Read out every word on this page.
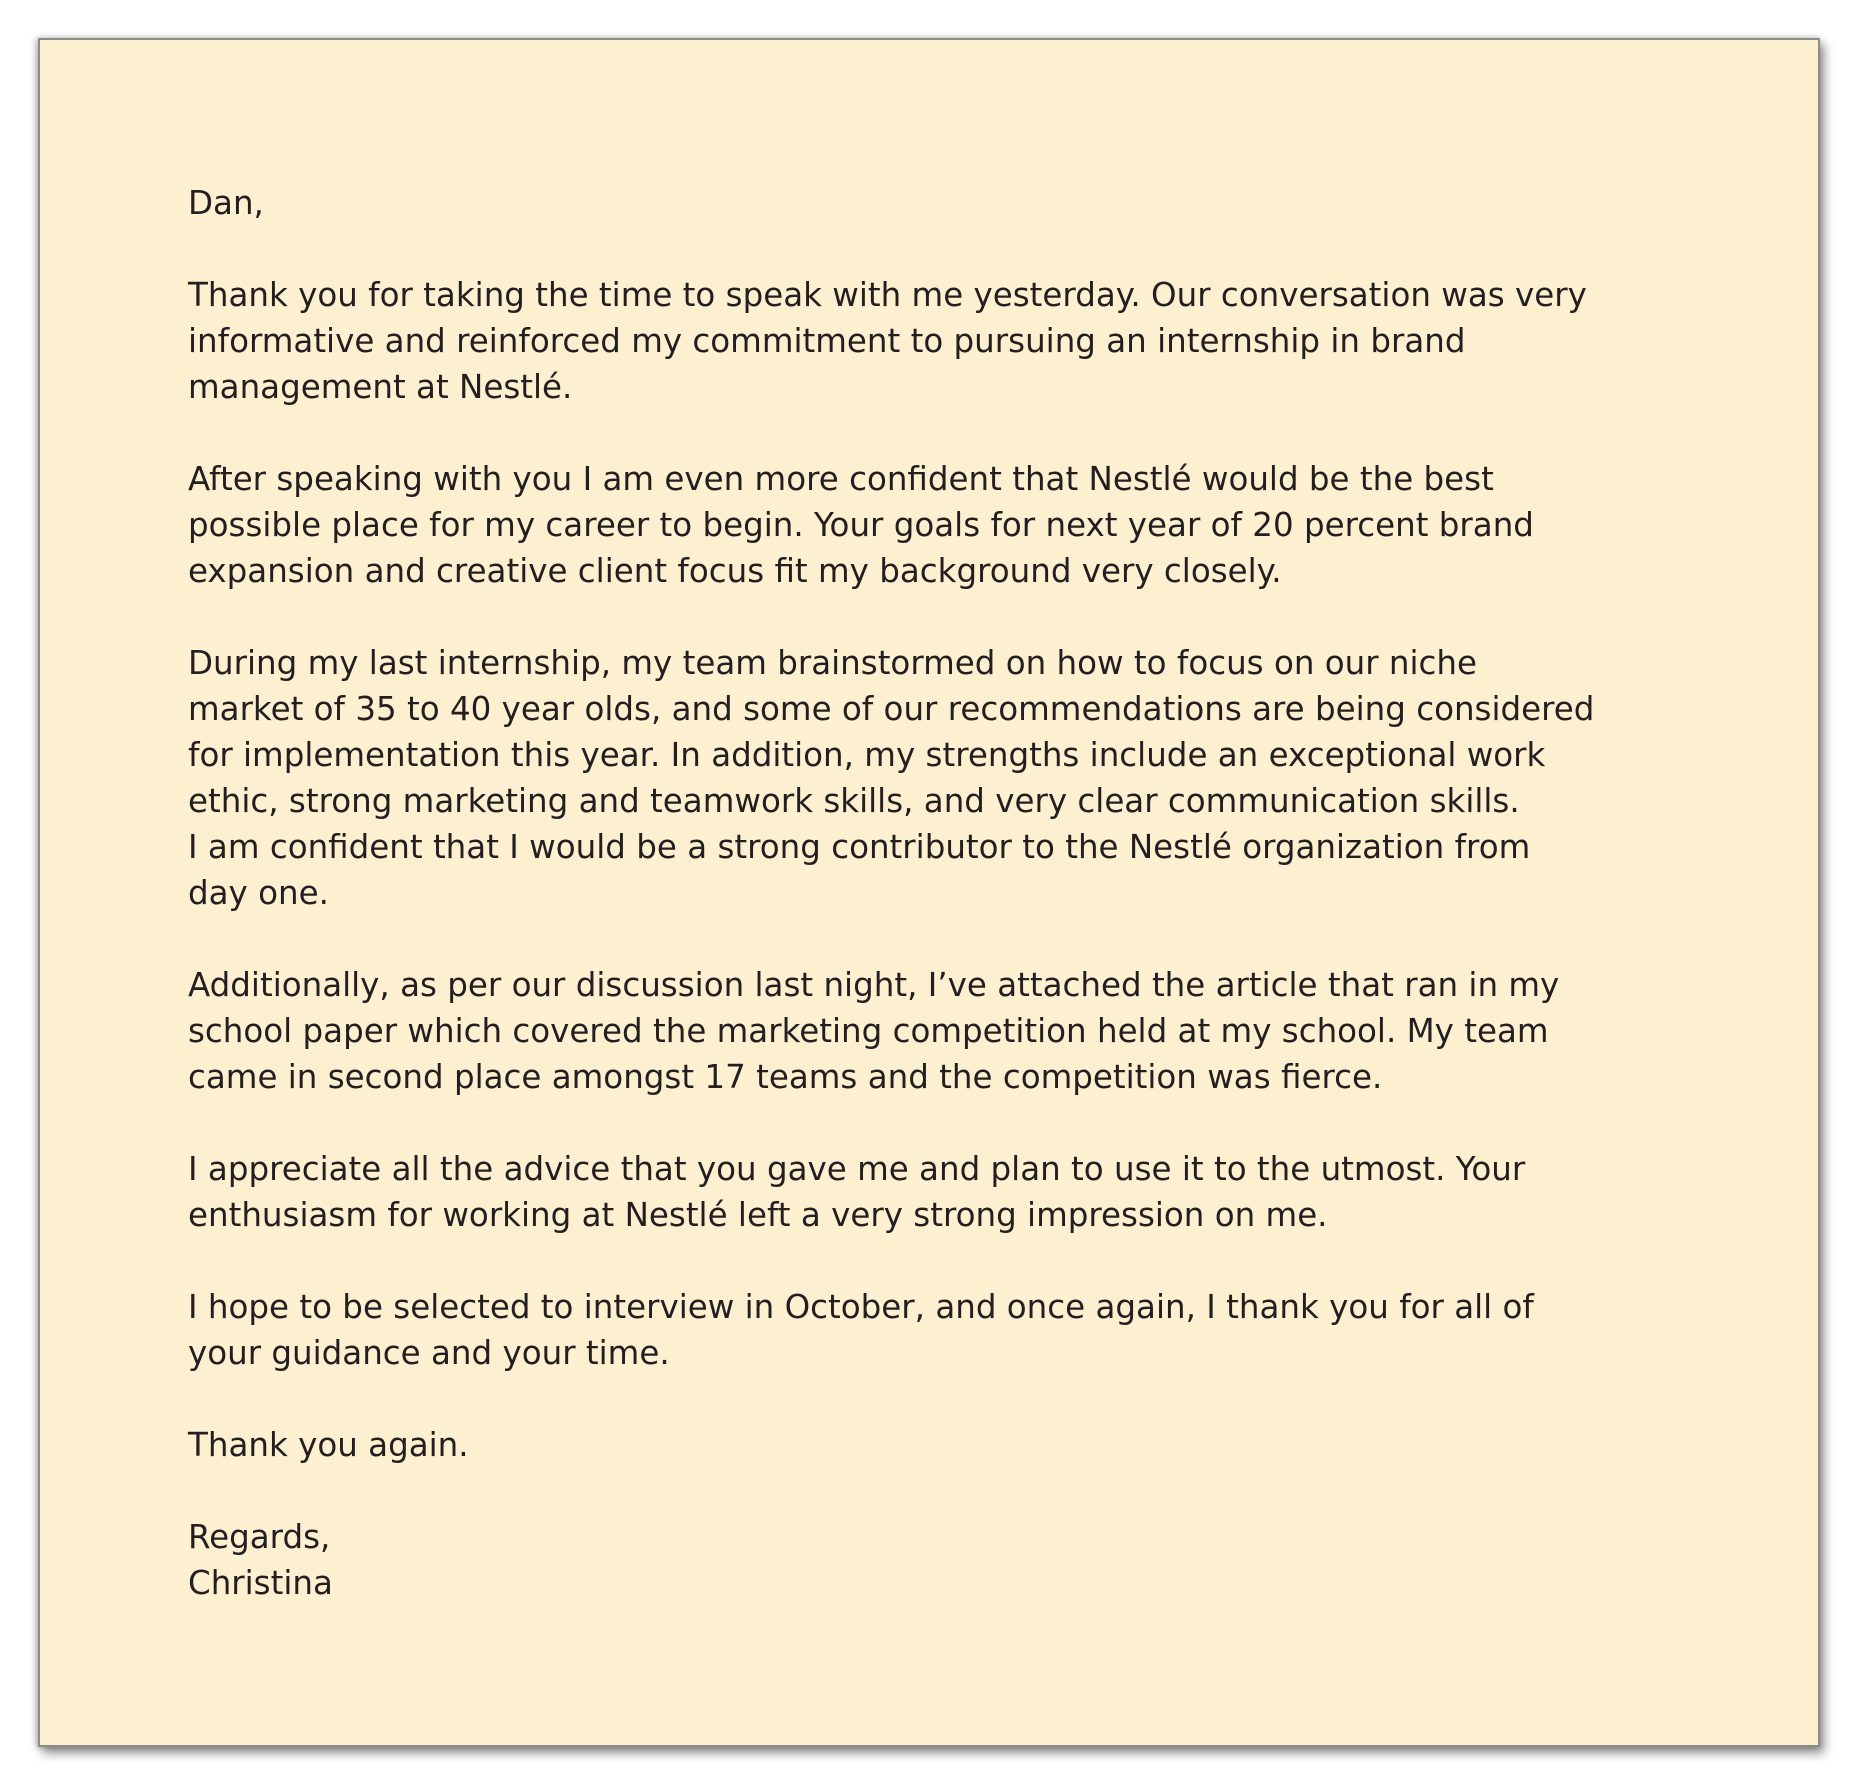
Dan,

Thank you for taking the time to speak with me yesterday. Our conversation was very
informative and reinforced my commitment to pursuing an internship in brand
management at Nestlé.

After speaking with you I am even more confident that Nestlé would be the best
possible place for my career to begin. Your goals for next year of 20 percent brand
expansion and creative client focus fit my background very closely.

During my last internship, my team brainstormed on how to focus on our niche
market of 35 to 40 year olds, and some of our recommendations are being considered
for implementation this year. In addition, my strengths include an exceptional work
ethic, strong marketing and teamwork skills, and very clear communication skills.
I am confident that I would be a strong contributor to the Nestlé organization from
day one.

Additionally, as per our discussion last night, I’ve attached the article that ran in my
school paper which covered the marketing competition held at my school. My team
came in second place amongst 17 teams and the competition was fierce.

I appreciate all the advice that you gave me and plan to use it to the utmost. Your
enthusiasm for working at Nestlé left a very strong impression on me.

I hope to be selected to interview in October, and once again, I thank you for all of
your guidance and your time.

Thank you again.

Regards,
Christina
